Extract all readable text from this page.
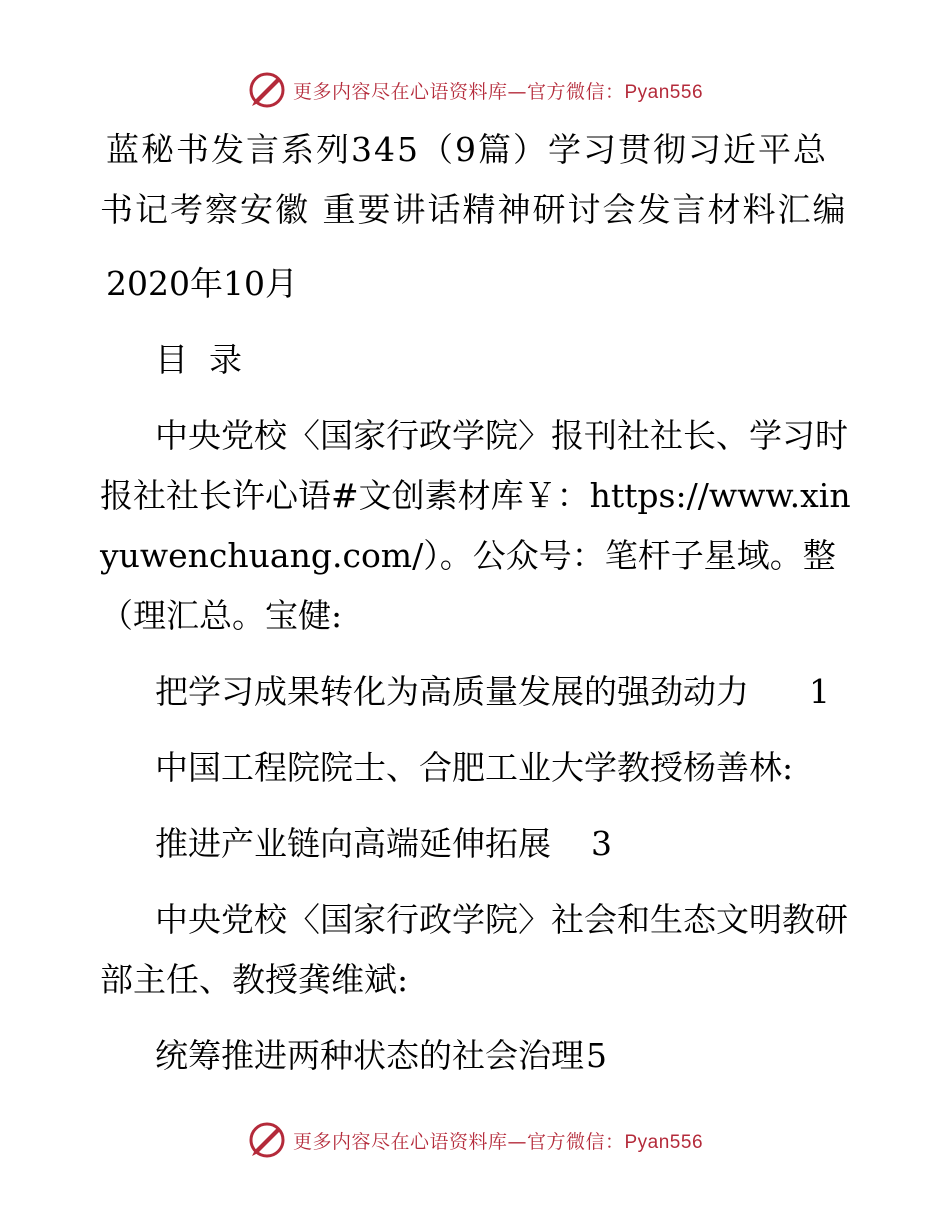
更多内容尽在心语资料库—官方微信：Pyan556

蓝秘书发言系列345（9篇）学习贯彻习近平总书记考察安徽 重要讲话精神研讨会发言材料汇编

2020年10月

目  录

中央党校〈国家行政学院〉报刊社社长、学习时报社社长许心语#文创素材库￥：https://www.xinyuwenchuang.com/）。公众号：笔杆子星域。整（理汇总。宝健:

把学习成果转化为高质量发展的强劲动力 1

中国工程院院士、合肥工业大学教授杨善林:

推进产业链向高端延伸拓展 3

中央党校〈国家行政学院〉社会和生态文明教研部主任、教授龚维斌:

统筹推进两种状态的社会治理 5
更多内容尽在心语资料库—官方微信：Pyan556
